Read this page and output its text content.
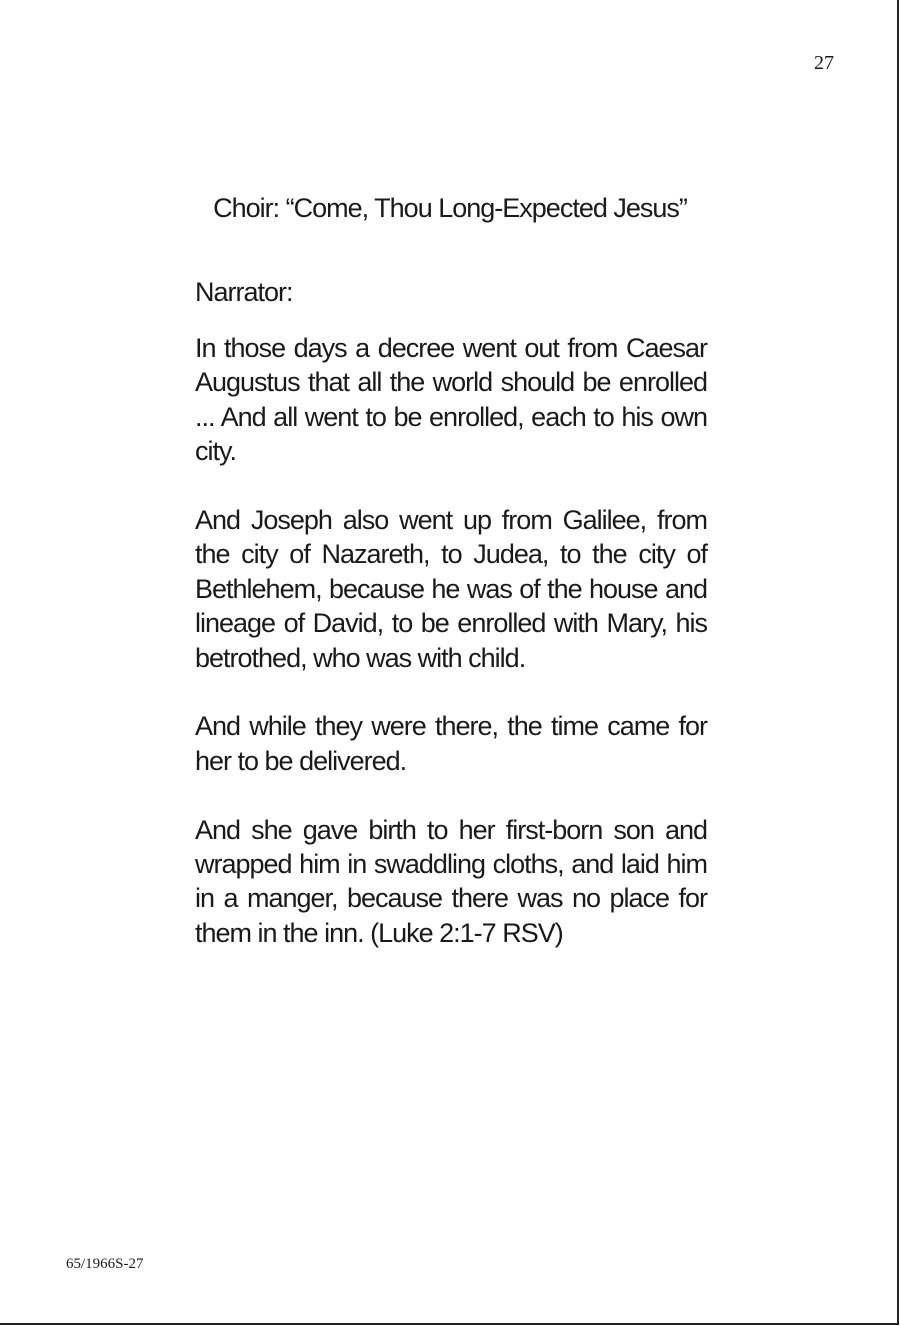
27
Choir: “Come, Thou Long-Expected Jesus”
Narrator:

In those days a decree went out from Caesar Augustus that all the world should be enrolled ... And all went to be enrolled, each to his own city.

And Joseph also went up from Galilee, from the city of Nazareth, to Judea, to the city of Bethlehem, because he was of the house and lineage of David, to be enrolled with Mary, his betrothed, who was with child.

And while they were there, the time came for her to be delivered.

And she gave birth to her first-born son and wrapped him in swaddling cloths, and laid him in a manger, because there was no place for them in the inn. (Luke 2:1-7 RSV)

65/1966S-27
